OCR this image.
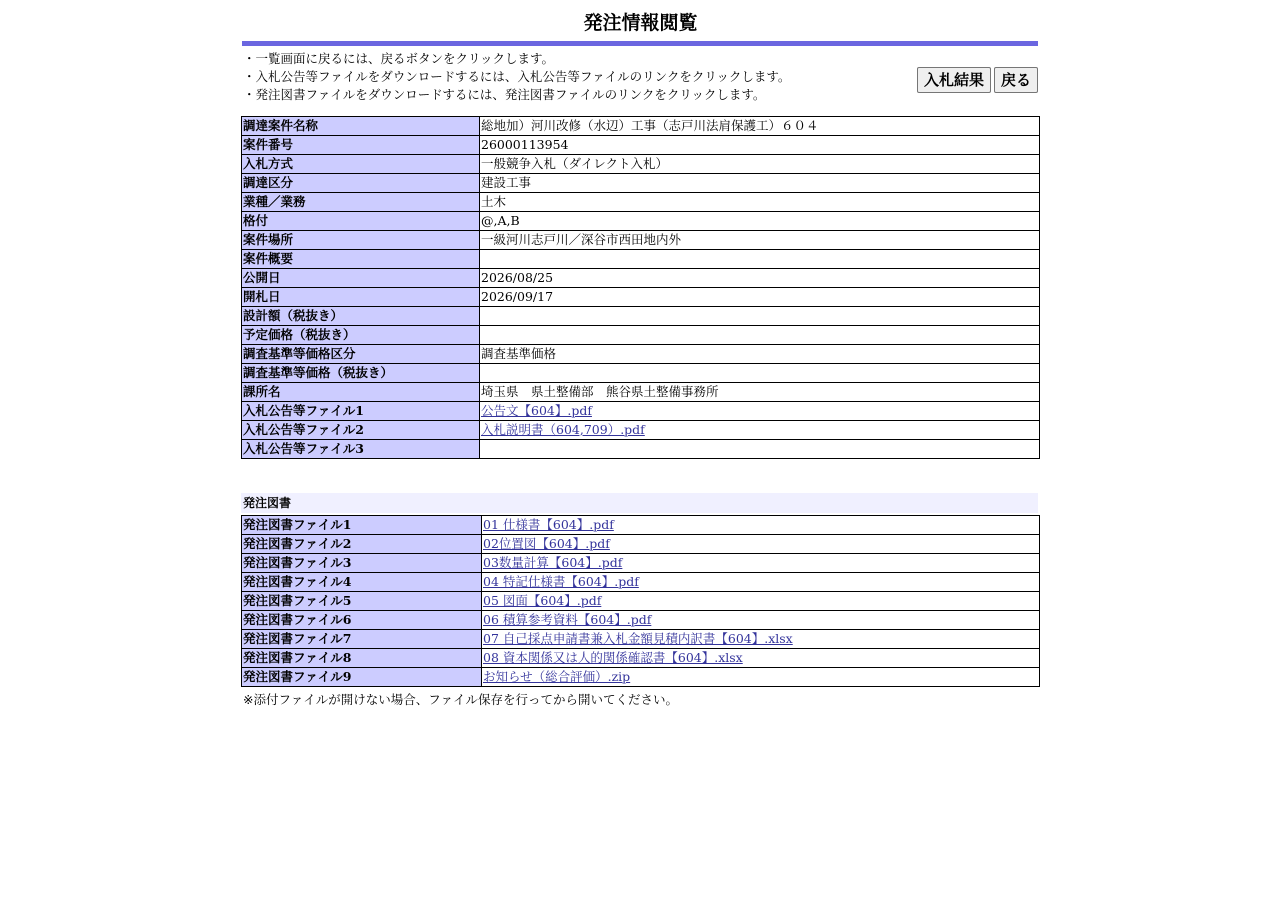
発注情報閲覧
・一覧画面に戻るには、戻るボタンをクリックします。
・入札公告等ファイルをダウンロードするには、入札公告等ファイルのリンクをクリックします。
・発注図書ファイルをダウンロードするには、発注図書ファイルのリンクをクリックします。
入札結果 戻る
調達案件名称	総地加）河川改修（水辺）工事（志戸川法肩保護工）６０４
案件番号	26000113954
入札方式	一般競争入札（ダイレクト入札）
調達区分	建設工事
業種／業務	土木
格付	@,A,B
案件場所	一級河川志戸川／深谷市西田地内外
案件概要	
公開日	2026/08/25
開札日	2026/09/17
設計額（税抜き）	
予定価格（税抜き）	
調査基準等価格区分	調査基準価格
調査基準等価格（税抜き）	
課所名	埼玉県　県土整備部　熊谷県土整備事務所
入札公告等ファイル1	公告文【604】.pdf
入札公告等ファイル2	入札説明書（604,709）.pdf
入札公告等ファイル3	
発注図書
発注図書ファイル1	01 仕様書【604】.pdf
発注図書ファイル2	02位置図【604】.pdf
発注図書ファイル3	03数量計算【604】.pdf
発注図書ファイル4	04 特記仕様書【604】.pdf
発注図書ファイル5	05 図面【604】.pdf
発注図書ファイル6	06 積算参考資料【604】.pdf
発注図書ファイル7	07 自己採点申請書兼入札金額見積内訳書【604】.xlsx
発注図書ファイル8	08 資本関係又は人的関係確認書【604】.xlsx
発注図書ファイル9	お知らせ（総合評価）.zip
※添付ファイルが開けない場合、ファイル保存を行ってから開いてください。
